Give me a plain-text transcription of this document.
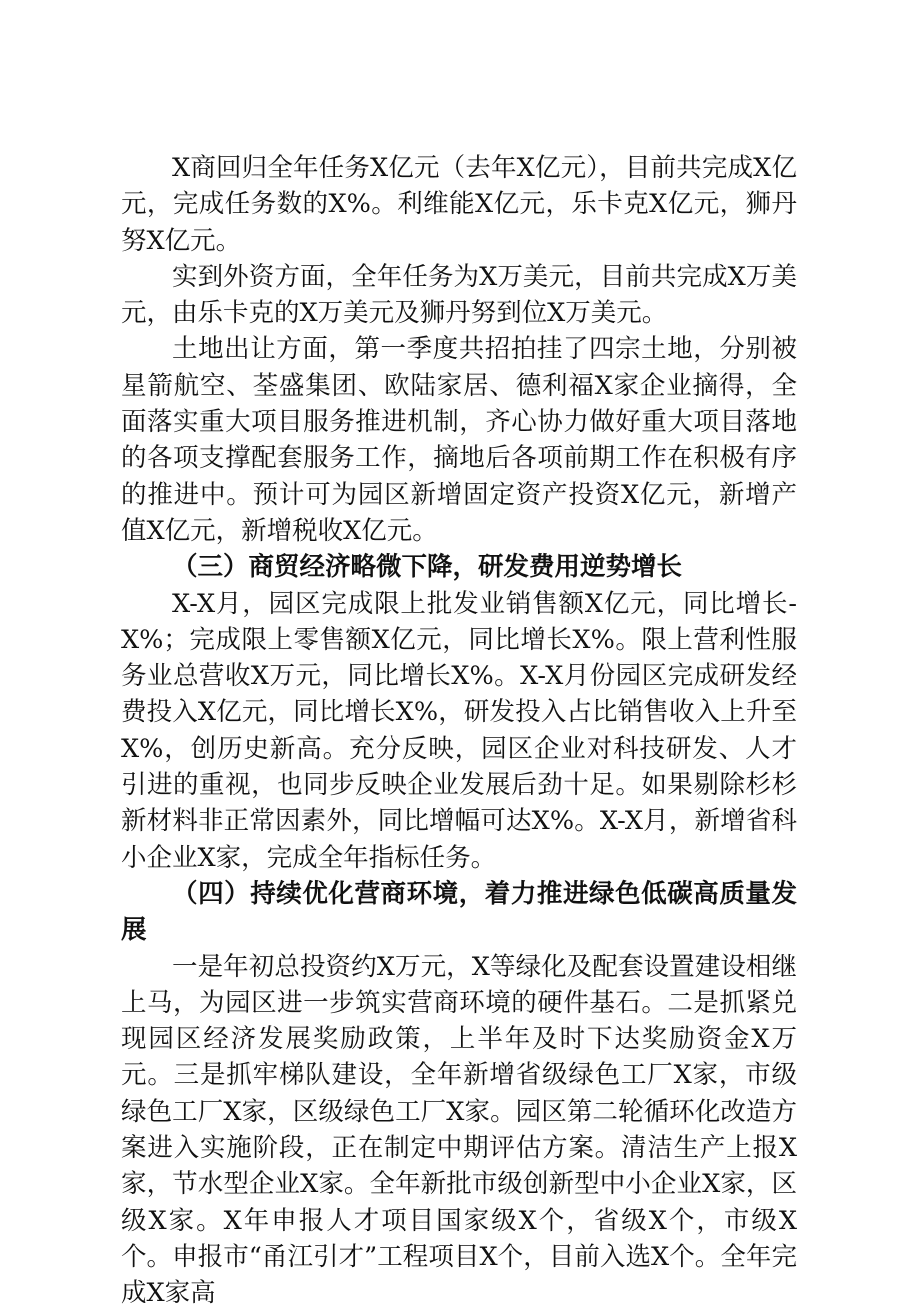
X商回归全年任务X亿元（去年X亿元），目前共完成X亿元，完成任务数的X%。利维能X亿元，乐卡克X亿元，狮丹努X亿元。

实到外资方面，全年任务为X万美元，目前共完成X万美元，由乐卡克的X万美元及狮丹努到位X万美元。

土地出让方面，第一季度共招拍挂了四宗土地，分别被星箭航空、荃盛集团、欧陆家居、德利福X家企业摘得，全面落实重大项目服务推进机制，齐心协力做好重大项目落地的各项支撑配套服务工作，摘地后各项前期工作在积极有序的推进中。预计可为园区新增固定资产投资X亿元，新增产值X亿元，新增税收X亿元。

（三）商贸经济略微下降，研发费用逆势增长

X-X月，园区完成限上批发业销售额X亿元，同比增长-X%；完成限上零售额X亿元，同比增长X%。限上营利性服务业总营收X万元，同比增长X%。X-X月份园区完成研发经费投入X亿元，同比增长X%，研发投入占比销售收入上升至X%，创历史新高。充分反映，园区企业对科技研发、人才引进的重视，也同步反映企业发展后劲十足。如果剔除杉杉新材料非正常因素外，同比增幅可达X%。X-X月，新增省科小企业X家，完成全年指标任务。

（四）持续优化营商环境，着力推进绿色低碳高质量发展

一是年初总投资约X万元，X等绿化及配套设置建设相继上马，为园区进一步筑实营商环境的硬件基石。二是抓紧兑现园区经济发展奖励政策，上半年及时下达奖励资金X万元。三是抓牢梯队建设，全年新增省级绿色工厂X家，市级绿色工厂X家，区级绿色工厂X家。园区第二轮循环化改造方案进入实施阶段，正在制定中期评估方案。清洁生产上报X家，节水型企业X家。全年新批市级创新型中小企业X家，区级X家。X年申报人才项目国家级X个，省级X个，市级X个。申报市“甬江引才”工程项目X个，目前入选X个。全年完成X家高
